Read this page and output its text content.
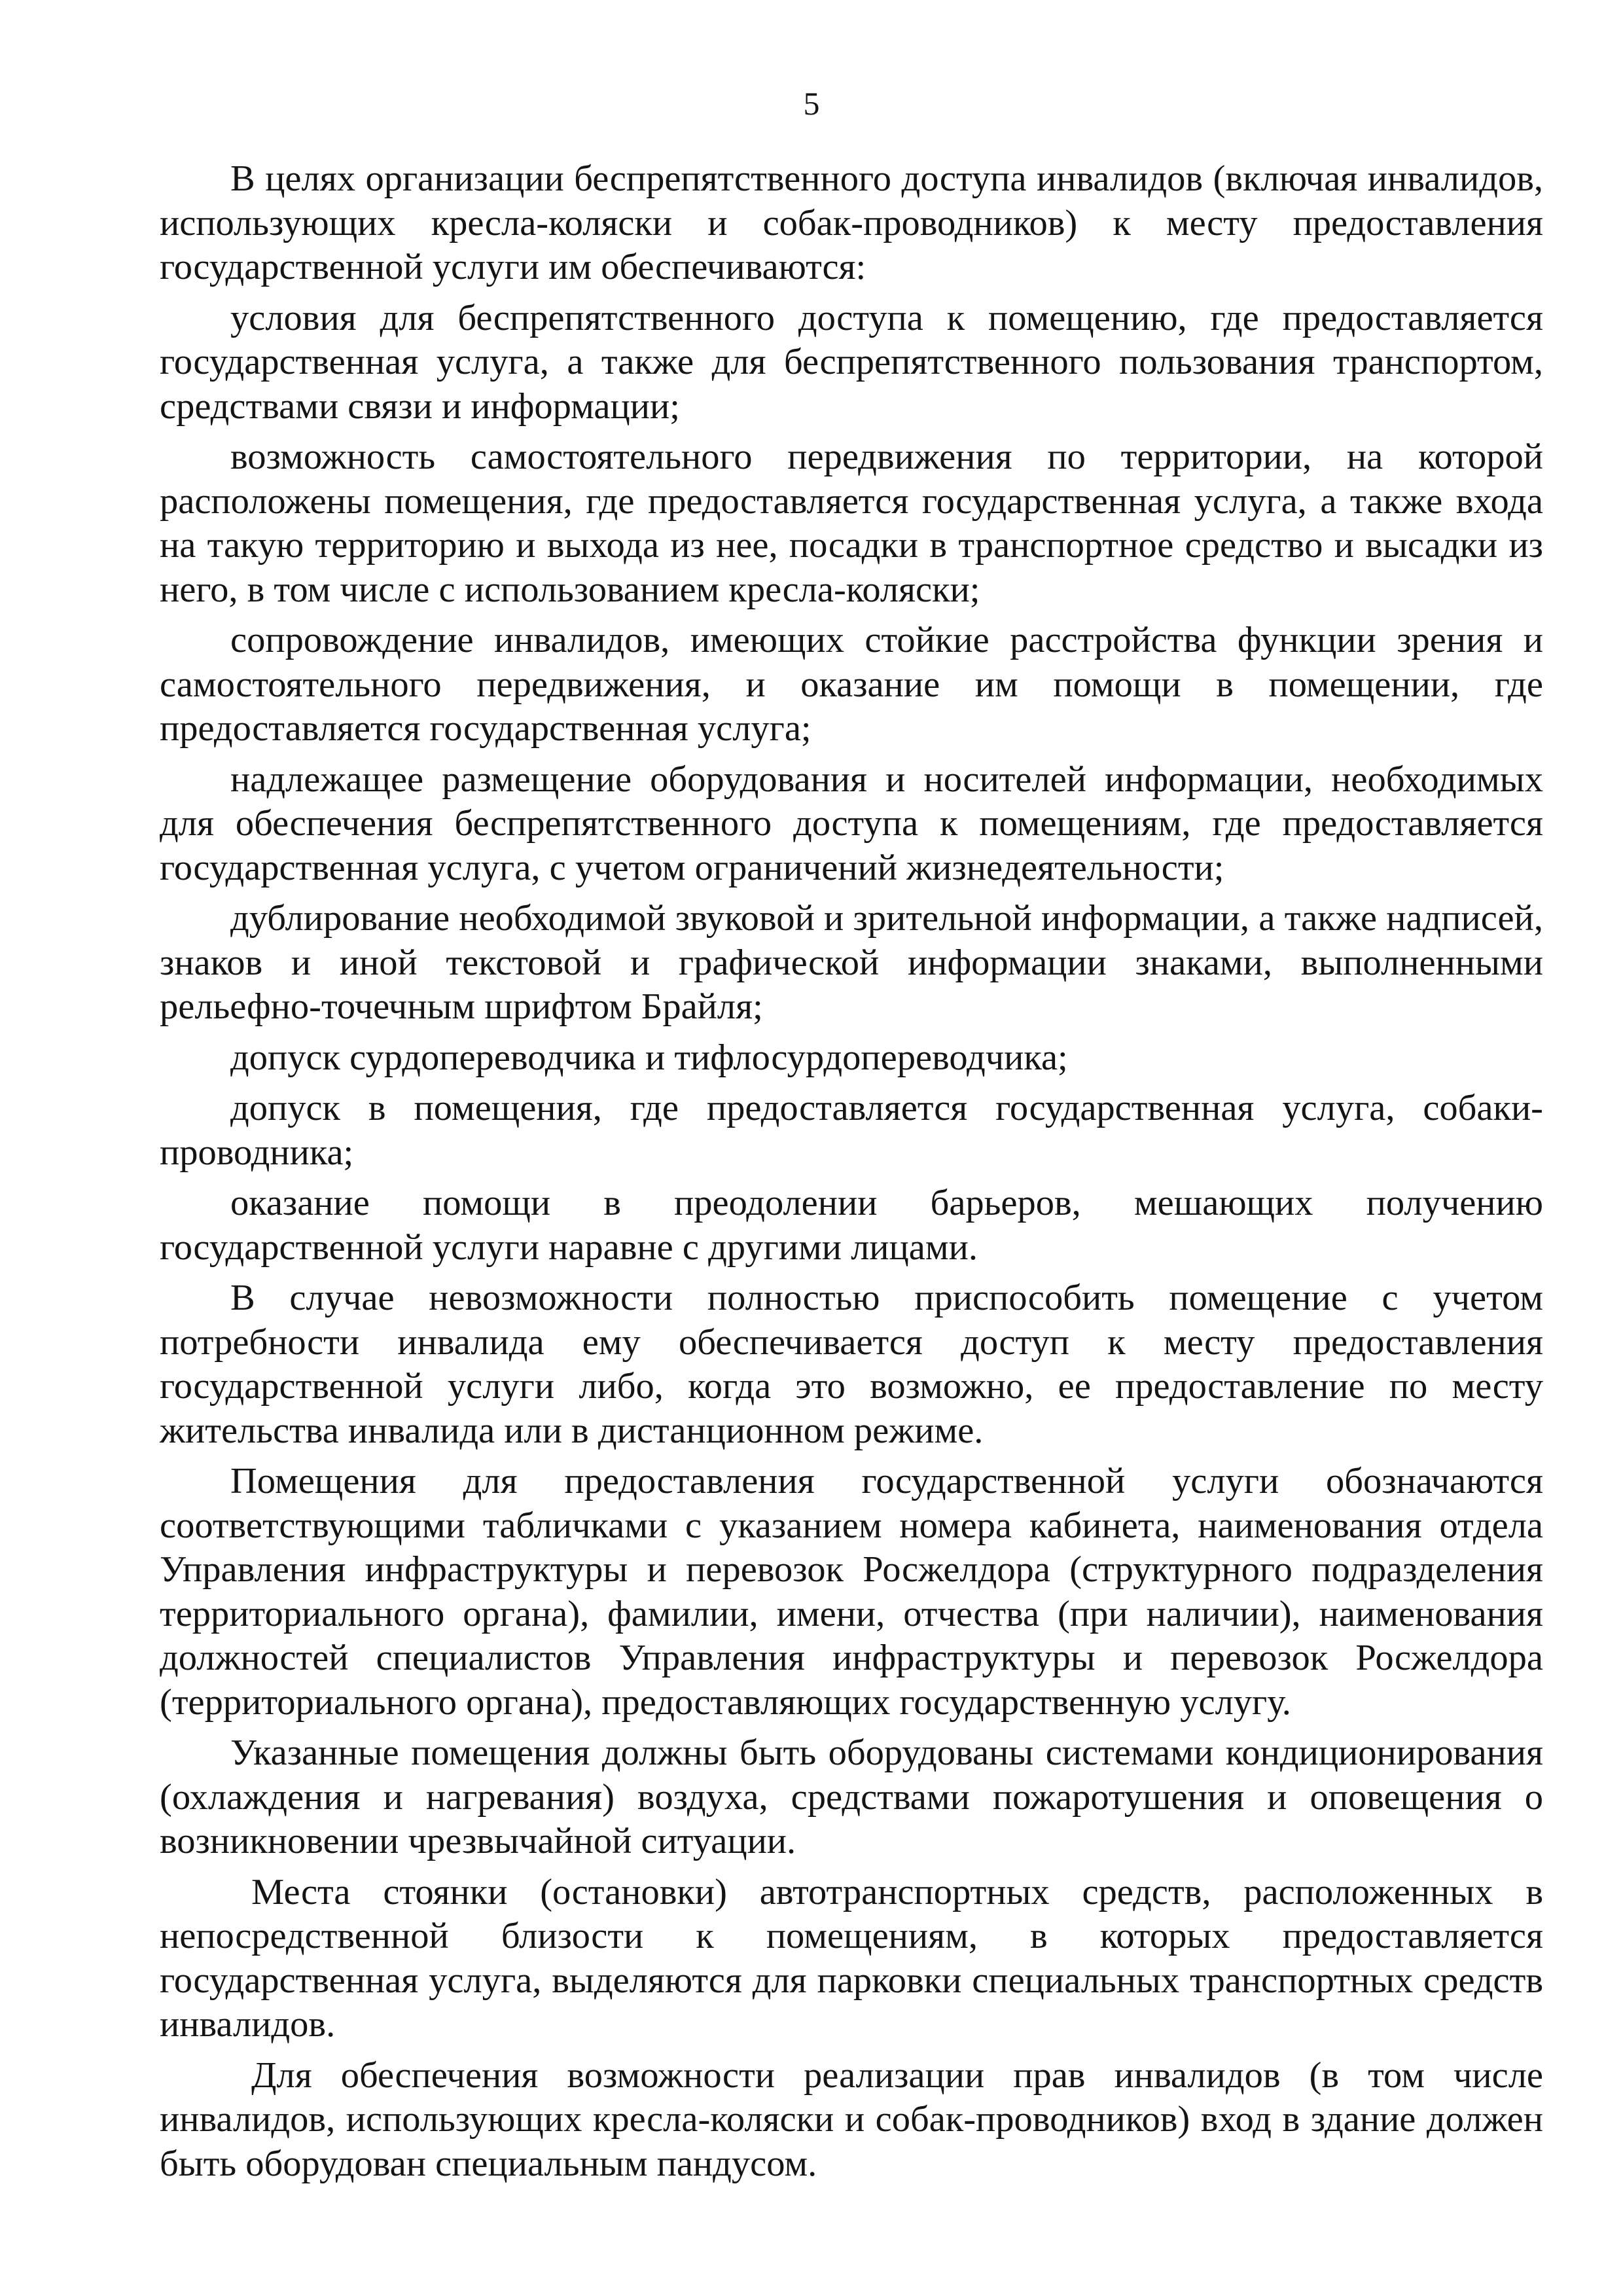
5

В целях организации беспрепятственного доступа инвалидов (включая инвалидов, использующих кресла-коляски и собак-проводников) к месту предоставления государственной услуги им обеспечиваются:

условия для беспрепятственного доступа к помещению, где предоставляется государственная услуга, а также для беспрепятственного пользования транспортом, средствами связи и информации;

возможность самостоятельного передвижения по территории, на которой расположены помещения, где предоставляется государственная услуга, а также входа на такую территорию и выхода из нее, посадки в транспортное средство и высадки из него, в том числе с использованием кресла-коляски;

сопровождение инвалидов, имеющих стойкие расстройства функции зрения и самостоятельного передвижения, и оказание им помощи в помещении, где предоставляется государственная услуга;

надлежащее размещение оборудования и носителей информации, необходимых для обеспечения беспрепятственного доступа к помещениям, где предоставляется государственная услуга, с учетом ограничений жизнедеятельности;

дублирование необходимой звуковой и зрительной информации, а также надписей, знаков и иной текстовой и графической информации знаками, выполненными рельефно-точечным шрифтом Брайля;

допуск сурдопереводчика и тифлосурдопереводчика;

допуск в помещения, где предоставляется государственная услуга, собаки-проводника;

оказание помощи в преодолении барьеров, мешающих получению государственной услуги наравне с другими лицами.

В случае невозможности полностью приспособить помещение с учетом потребности инвалида ему обеспечивается доступ к месту предоставления государственной услуги либо, когда это возможно, ее предоставление по месту жительства инвалида или в дистанционном режиме.

Помещения для предоставления государственной услуги обозначаются соответствующими табличками с указанием номера кабинета, наименования отдела Управления инфраструктуры и перевозок Росжелдора (структурного подразделения территориального органа), фамилии, имени, отчества (при наличии), наименования должностей специалистов Управления инфраструктуры и перевозок Росжелдора (территориального органа), предоставляющих государственную услугу.

Указанные помещения должны быть оборудованы системами кондиционирования (охлаждения и нагревания) воздуха, средствами пожаротушения и оповещения о возникновении чрезвычайной ситуации.

Места стоянки (остановки) автотранспортных средств, расположенных в непосредственной близости к помещениям, в которых предоставляется государственная услуга, выделяются для парковки специальных транспортных средств инвалидов.

Для обеспечения возможности реализации прав инвалидов (в том числе инвалидов, использующих кресла-коляски и собак-проводников) вход в здание должен быть оборудован специальным пандусом.
